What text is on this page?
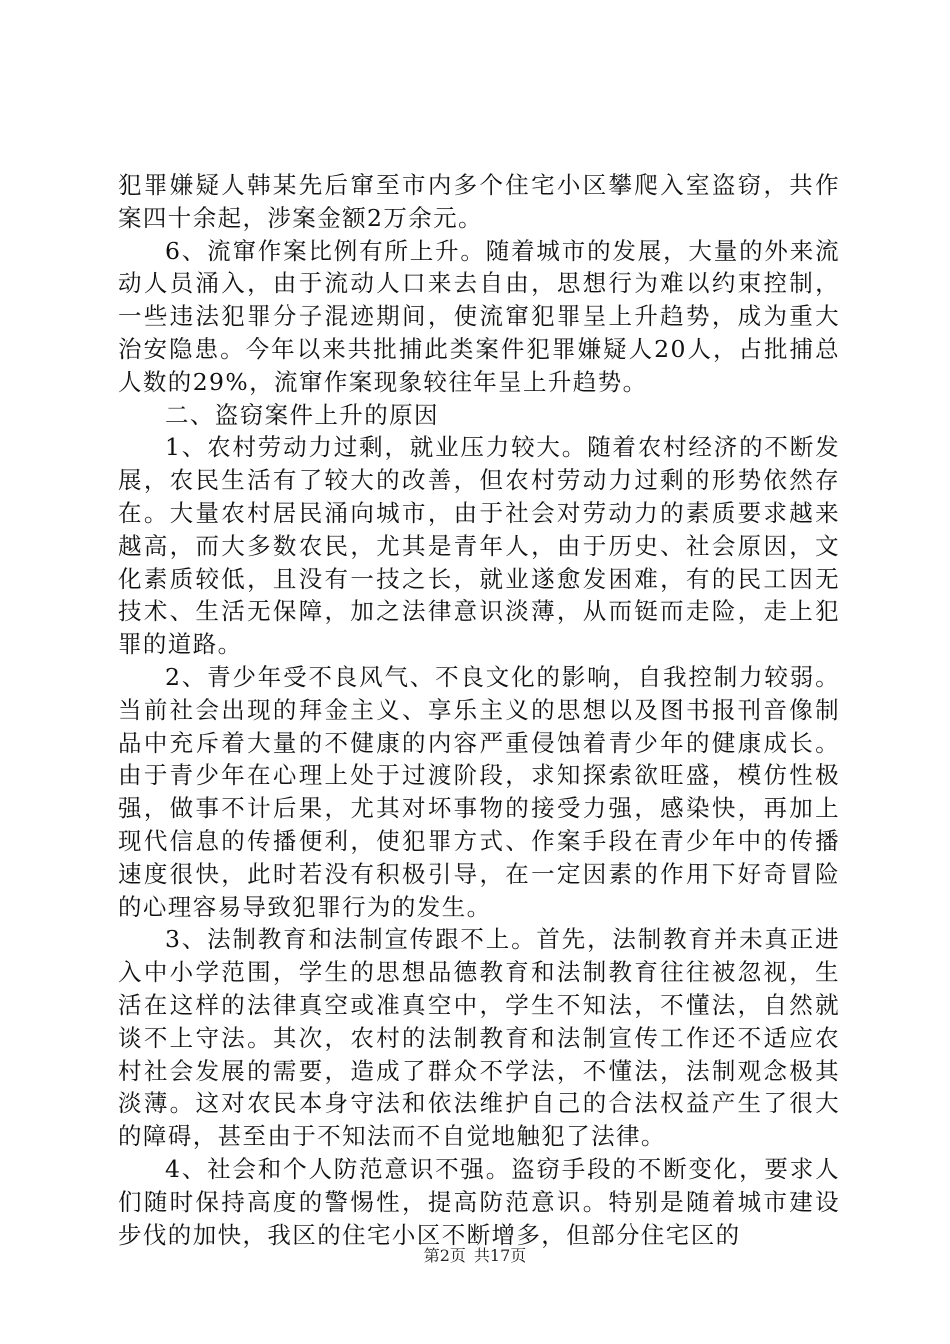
犯罪嫌疑人韩某先后窜至市内多个住宅小区攀爬入室盗窃，共作案四十余起，涉案金额2万余元。

6、流窜作案比例有所上升。随着城市的发展，大量的外来流动人员涌入，由于流动人口来去自由，思想行为难以约束控制，一些违法犯罪分子混迹期间，使流窜犯罪呈上升趋势，成为重大治安隐患。今年以来共批捕此类案件犯罪嫌疑人20人，占批捕总人数的29%，流窜作案现象较往年呈上升趋势。

二、盗窃案件上升的原因

1、农村劳动力过剩，就业压力较大。随着农村经济的不断发展，农民生活有了较大的改善，但农村劳动力过剩的形势依然存在。大量农村居民涌向城市，由于社会对劳动力的素质要求越来越高，而大多数农民，尤其是青年人，由于历史、社会原因，文化素质较低，且没有一技之长，就业遂愈发困难，有的民工因无技术、生活无保障，加之法律意识淡薄，从而铤而走险，走上犯罪的道路。

2、青少年受不良风气、不良文化的影响，自我控制力较弱。当前社会出现的拜金主义、享乐主义的思想以及图书报刊音像制品中充斥着大量的不健康的内容严重侵蚀着青少年的健康成长。由于青少年在心理上处于过渡阶段，求知探索欲旺盛，模仿性极强，做事不计后果，尤其对坏事物的接受力强，感染快，再加上现代信息的传播便利，使犯罪方式、作案手段在青少年中的传播速度很快，此时若没有积极引导，在一定因素的作用下好奇冒险的心理容易导致犯罪行为的发生。

3、法制教育和法制宣传跟不上。首先，法制教育并未真正进入中小学范围，学生的思想品德教育和法制教育往往被忽视，生活在这样的法律真空或准真空中，学生不知法，不懂法，自然就谈不上守法。其次，农村的法制教育和法制宣传工作还不适应农村社会发展的需要，造成了群众不学法，不懂法，法制观念极其淡薄。这对农民本身守法和依法维护自己的合法权益产生了很大的障碍，甚至由于不知法而不自觉地触犯了法律。

4、社会和个人防范意识不强。盗窃手段的不断变化，要求人们随时保持高度的警惕性，提高防范意识。特别是随着城市建设步伐的加快，我区的住宅小区不断增多，但部分住宅区的

第2页 共17页
